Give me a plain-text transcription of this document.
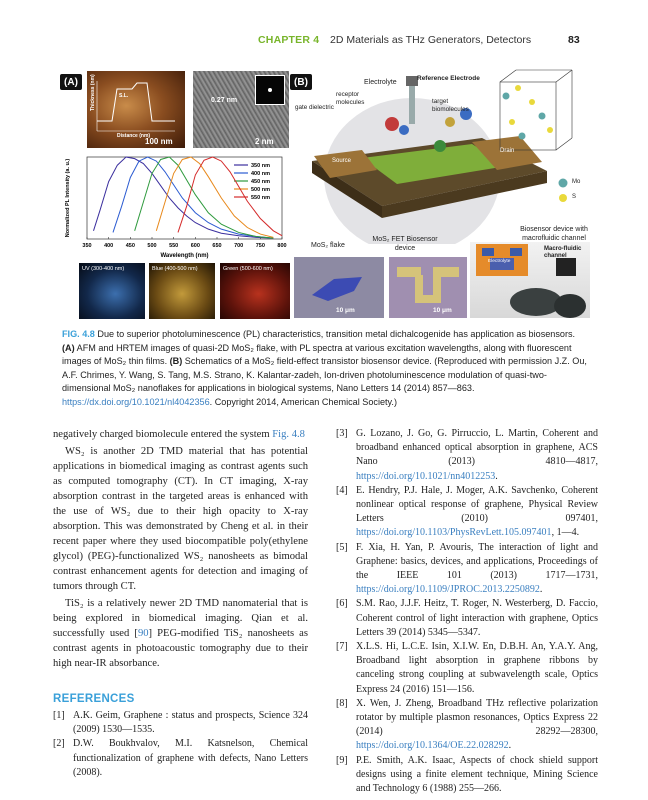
CHAPTER 4 2D Materials as THz Generators, Detectors	83
(A)	Thickness (nm)
Distance (nm)
S.L.
100 nm
0.27 nm
2 nm
350 400 450 500 550 600 650 700 750 800
Wavelength (nm)
Normalized PL Intensity (a. u.)	350 nm
400 nm
450 nm
500 nm
550 nm
UV (300-400 nm)	Blue (400-500 nm)	Green (500-600 nm)
(B)	Electrolyte
Reference Electrode
receptor molecules	target biomolecules
gate dielectric
Source
Drain
Mo
S
MoS₂ flake
MoS₂ FET Biosensor device
Biosensor device with macrofluidic channel
10 μm
10 μm
Electrolyte
Macro-fluidic channel
FIG. 4.8 Due to superior photoluminescence (PL) characteristics, transition metal dichalcogenide has application as biosensors. (A) AFM and HRTEM images of quasi-2D MoS₂ flake, with PL spectra at various excitation wavelengths, along with fluorescent images of MoS₂ thin films. (B) Schematics of a MoS₂ field-effect transistor biosensor device. (Reproduced with permission J.Z. Ou, A.F. Chrimes, Y. Wang, S. Tang, M.S. Strano, K. Kalantar-zadeh, Ion-driven photoluminescence modulation of quasi-two-dimensional MoS₂ nanoflakes for applications in biological systems, Nano Letters 14 (2014) 857—863. https://dx.doi.org/10.1021/nl4042356. Copyright 2014, American Chemical Society.)

negatively charged biomolecule entered the system Fig. 4.8

WS₂ is another 2D TMD material that has potential applications in biomedical imaging as contrast agents such as computed tomography (CT). In CT imaging, X-ray absorption contrast in the targeted areas is enhanced with the use of WS₂ due to their high opacity to X-ray absorption. This was demonstrated by Cheng et al. in their recent paper where they used biocompatible poly(ethylene glycol) (PEG)-functionalized WS₂ nanosheets as bimodal contrast enhancement agents for detection and imaging of tumors through CT.

TiS₂ is a relatively newer 2D TMD nanomaterial that is being explored in biomedical imaging. Qian et al. successfully used [90] PEG-modified TiS₂ nanosheets as contrast agents in photoacoustic tomography due to their high near-IR absorbance.

REFERENCES
[1] A.K. Geim, Graphene : status and prospects, Science 324 (2009) 1530—1535.
[2] D.W. Boukhvalov, M.I. Katsnelson, Chemical functionalization of graphene with defects, Nano Letters (2008).
[3] G. Lozano, J. Go, G. Pirruccio, L. Martin, Coherent and broadband enhanced optical absorption in graphene, ACS Nano (2013) 4810—4817, https://doi.org/10.1021/nn4012253.
[4] E. Hendry, P.J. Hale, J. Moger, A.K. Savchenko, Coherent nonlinear optical response of graphene, Physical Review Letters (2010) 097401, https://doi.org/10.1103/PhysRevLett.105.097401, 1—4.
[5] F. Xia, H. Yan, P. Avouris, The interaction of light and Graphene: basics, devices, and applications, Proceedings of the IEEE 101 (2013) 1717—1731, https://doi.org/10.1109/JPROC.2013.2250892.
[6] S.M. Rao, J.J.F. Heitz, T. Roger, N. Westerberg, D. Faccio, Coherent control of light interaction with graphene, Optics Letters 39 (2014) 5345—5347.
[7] X.L.S. Hi, L.C.E. Isin, X.I.W. En, D.B.H. An, Y.A.Y. Ang, Broadband light absorption in graphene ribbons by canceling strong coupling at subwavelength scale, Optics Express 24 (2016) 151—156.
[8] X. Wen, J. Zheng, Broadband THz reflective polarization rotator by multiple plasmon resonances, Optics Express 22 (2014) 28292—28300, https://doi.org/10.1364/OE.22.028292.
[9] P.E. Smith, A.K. Isaac, Aspects of chock shield support designs using a finite element technique, Mining Science and Technology 6 (1988) 255—266.
